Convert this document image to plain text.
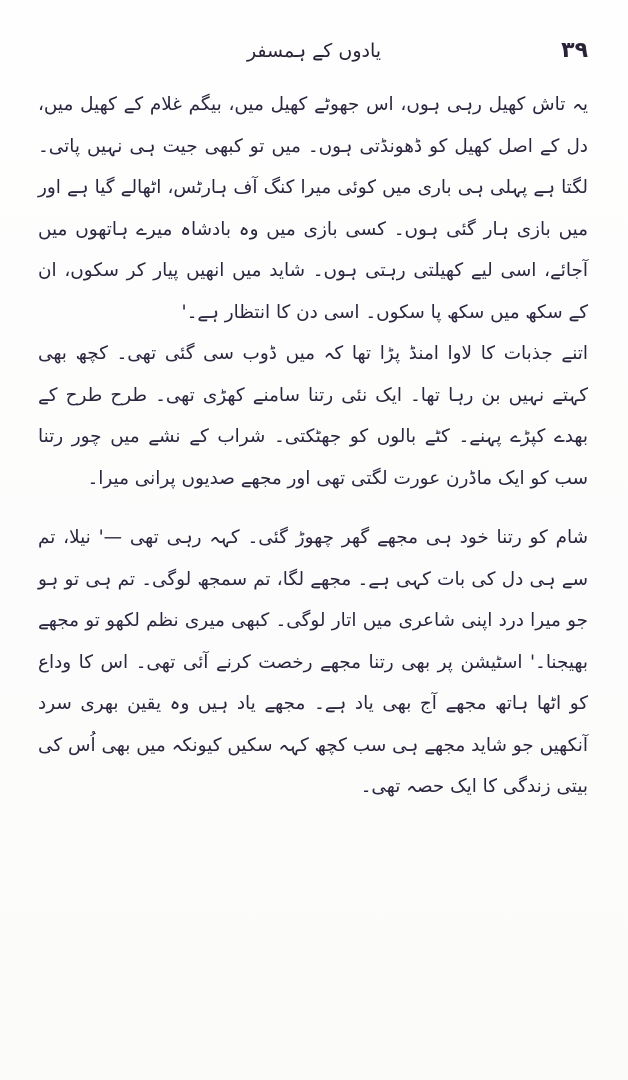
۳۹
یادوں کے ہمسفر

یہ تاش کھیل رہی ہوں، اس جھوٹے کھیل میں، بیگم غلام کے کھیل میں، دل کے اصل کھیل کو ڈھونڈتی ہوں۔ میں تو کبھی جیت ہی نہیں پاتی۔ لگتا ہے پہلی ہی باری میں کوئی میرا کنگ آف ہارٹس، اٹھالے گیا ہے اور میں بازی ہار گئی ہوں۔ کسی بازی میں وہ بادشاہ میرے ہاتھوں میں آجائے، اسی لیے کھیلتی رہتی ہوں۔ شاید میں انھیں پیار کر سکوں، ان کے سکھ میں سکھ پا سکوں۔ اسی دن کا انتظار ہے۔'

اتنے جذبات کا لاوا امنڈ پڑا تھا کہ میں ڈوب سی گئی تھی۔ کچھ بھی کہتے نہیں بن رہا تھا۔ ایک نئی رتنا سامنے کھڑی تھی۔ طرح طرح کے بھدے کپڑے پہنے۔ کٹے بالوں کو جھٹکتی۔ شراب کے نشے میں چور رتنا سب کو ایک ماڈرن عورت لگتی تھی اور مجھے صدیوں پرانی میرا۔

شام کو رتنا خود ہی مجھے گھر چھوڑ گئی۔ کہہ رہی تھی —' نیلا، تم سے ہی دل کی بات کہی ہے۔ مجھے لگا، تم سمجھ لوگی۔ تم ہی تو ہو جو میرا درد اپنی شاعری میں اتار لوگی۔ کبھی میری نظم لکھو تو مجھے بھیجنا۔' اسٹیشن پر بھی رتنا مجھے رخصت کرنے آئی تھی۔ اس کا وداع کو اٹھا ہاتھ مجھے آج بھی یاد ہے۔ مجھے یاد ہیں وہ یقین بھری سرد آنکھیں جو شاید مجھے ہی سب کچھ کہہ سکیں کیونکہ میں بھی اُس کی بیتی زندگی کا ایک حصہ تھی۔
